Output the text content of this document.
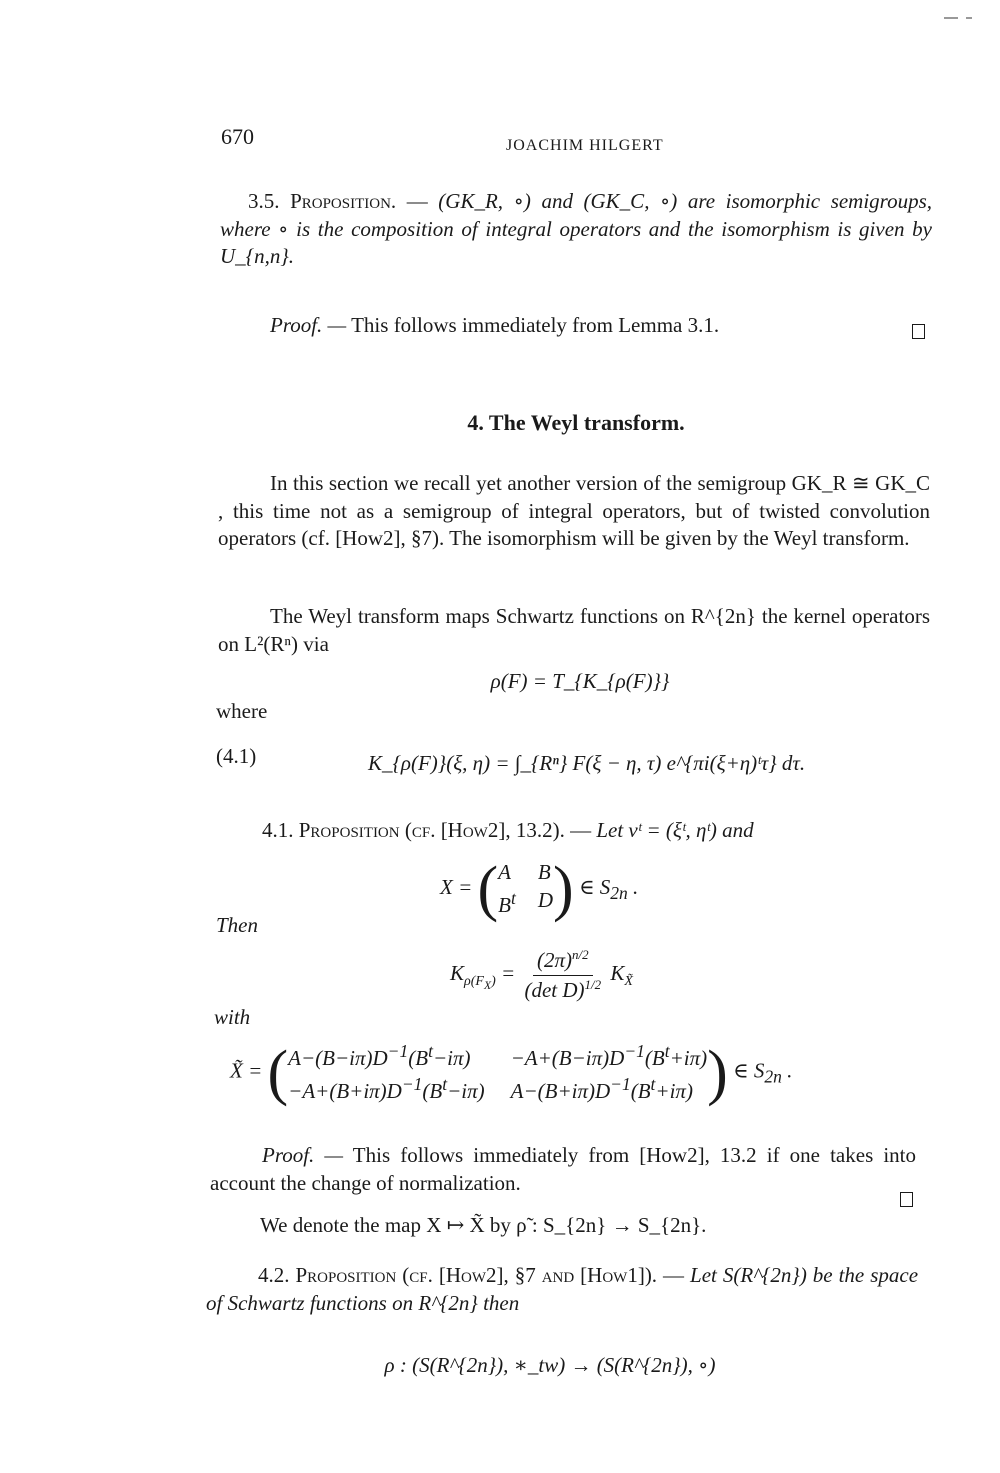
670	JOACHIM HILGERT
3.5. Proposition. — (GK_R, ∘) and (GK_C, ∘) are isomorphic semigroups, where ∘ is the composition of integral operators and the isomorphism is given by U_{n,n}.
Proof. — This follows immediately from Lemma 3.1.
4. The Weyl transform.
In this section we recall yet another version of the semigroup GK_R ≅ GK_C , this time not as a semigroup of integral operators, but of twisted convolution operators (cf. [How2], §7). The isomorphism will be given by the Weyl transform.
The Weyl transform maps Schwartz functions on R^{2n} the kernel operators on L²(Rⁿ) via
ρ(F) = T_{K_{ρ(F)}}
where
(4.1)	K_{ρ(F)}(ξ, η) = ∫_{Rⁿ} F(ξ − η, τ) e^{πi(ξ+η)ᵗτ} dτ.
4.1. Proposition (cf. [How2], 13.2). — Let vᵗ = (ξᵗ, ηᵗ) and
X = ( A B
$B^t$ D ) ∈ $S_{2n}$ .
Then
$K_{\rho(F_X)} = \frac{(2\pi)^{n/2}}{(\det D)^{1/2}} K_{X̃}$
with
X̃ = ( $A-(B-i\pi)D^{-1}(B^t-i\pi)$	$-A+(B-i\pi)D^{-1}(B^t+i\pi)$
$-A+(B+i\pi)D^{-1}(B^t-i\pi)$ $A-(B+i\pi)D^{-1}(B^t+i\pi)$ ) ∈ $S_{2n}$ .
Proof. — This follows immediately from [How2], 13.2 if one takes into account the change of normalization.
We denote the map X ↦ X̃ by ρ̃ : S_{2n} → S_{2n}.
4.2. Proposition (cf. [How2], §7 and [How1]). — Let S(R^{2n}) be the space of Schwartz functions on R^{2n} then
ρ : (S(R^{2n}), ∗_tw) → (S(R^{2n}), ∘)
